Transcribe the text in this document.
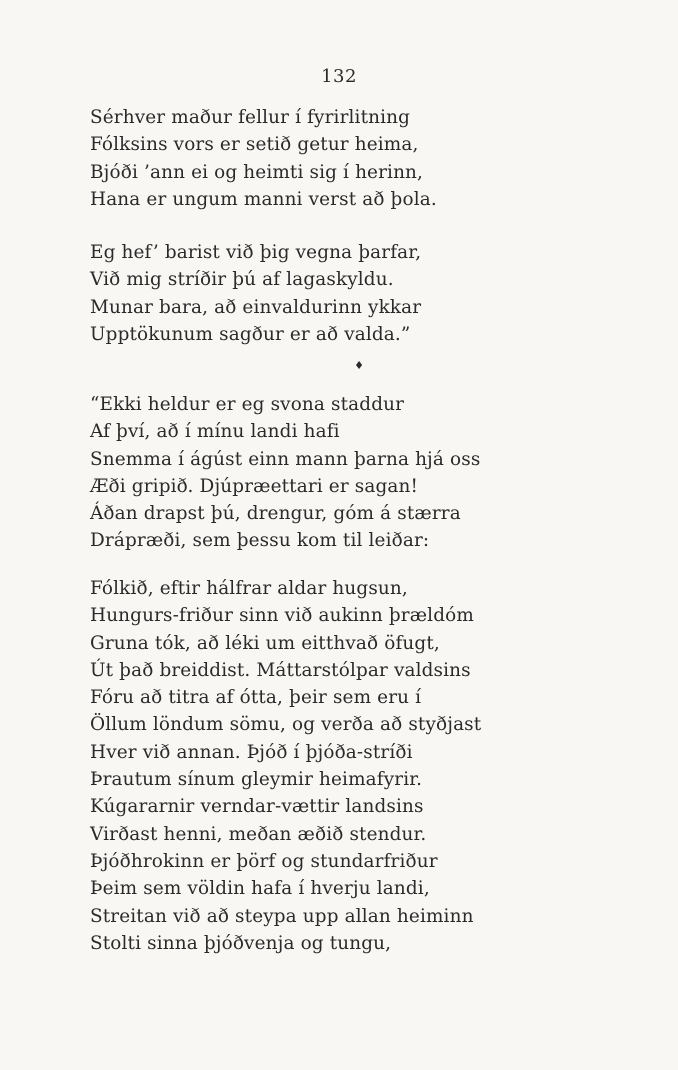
132
Sérhver maður fellur í fyrirlitning
Fólksins vors er setið getur heima,
Bjóði ’ann ei og heimti sig í herinn,
Hana er ungum manni verst að þola.
Eg hef’ barist við þig vegna þarfar,
Við mig stríðir þú af lagaskyldu.
Munar bara, að einvaldurinn ykkar
Upptökunum sagður er að valda.”
♦
“Ekki heldur er eg svona staddur
Af því, að í mínu landi hafi
Snemma í ágúst einn mann þarna hjá oss
Æði gripið. Djúpræettari er sagan!
Áðan drapst þú, drengur, góm á stærra
Drápræði, sem þessu kom til leiðar:
Fólkið, eftir hálfrar aldar hugsun,
Hungurs-friður sinn við aukinn þrældóm
Gruna tók, að léki um eitthvað öfugt,
Út það breiddist. Máttarstólpar valdsins
Fóru að titra af ótta, þeir sem eru í
Öllum löndum sömu, og verða að styðjast
Hver við annan. Þjóð í þjóða-stríði
Þrautum sínum gleymir heimafyrir.
Kúgararnir verndar-vættir landsins
Virðast henni, meðan æðið stendur.
Þjóðhrokinn er þörf og stundarfriður
Þeim sem völdin hafa í hverju landi,
Streitan við að steypa upp allan heiminn
Stolti sinna þjóðvenja og tungu,
